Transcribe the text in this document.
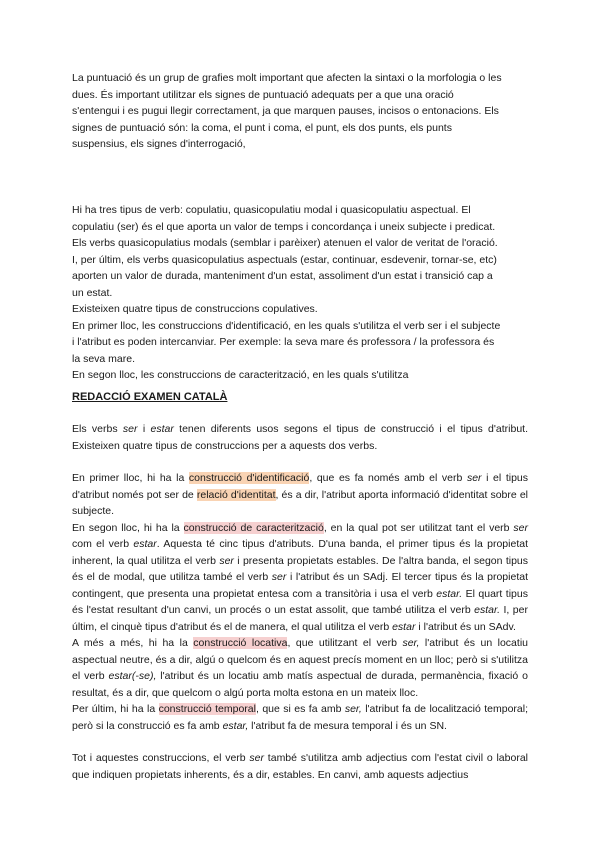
La puntuació és un grup de grafies molt important que afecten la sintaxi o la morfologia o les

dues. És important utilitzar els signes de puntuació adequats per a que una oració

s'entengui i es pugui llegir correctament, ja que marquen pauses, incisos o entonacions. Els

signes de puntuació són: la coma, el punt i coma, el punt, els dos punts, els punts

suspensius, els signes d'interrogació,

Hi ha tres tipus de verb: copulatiu, quasicopulatiu modal i quasicopulatiu aspectual. El

copulatiu (ser) és el que aporta un valor de temps i concordança i uneix subjecte i predicat.

Els verbs quasicopulatius modals (semblar i parèixer) atenuen el valor de veritat de l'oració.

I, per últim, els verbs quasicopulatius aspectuals (estar, continuar, esdevenir, tornar-se, etc)

aporten un valor de durada, manteniment d'un estat, assoliment d'un estat i transició cap a

un estat.

Existeixen quatre tipus de construccions copulatives.

En primer lloc, les construccions d'identificació, en les quals s'utilitza el verb ser i el subjecte

i l'atribut es poden intercanviar. Per exemple: la seva mare és professora / la professora és

la seva mare.

En segon lloc, les construccions de caracterització, en les quals s'utilitza

REDACCIÓ EXAMEN CATALÀ

Els verbs ser i estar tenen diferents usos segons el tipus de construcció i el tipus d'atribut. Existeixen quatre tipus de construccions per a aquests dos verbs.

En primer lloc, hi ha la construcció d'identificació, que es fa només amb el verb ser i el tipus d'atribut només pot ser de relació d'identitat, és a dir, l'atribut aporta informació d'identitat sobre el subjecte.

En segon lloc, hi ha la construcció de caracterització, en la qual pot ser utilitzat tant el verb ser com el verb estar. Aquesta té cinc tipus d'atributs. D'una banda, el primer tipus és la propietat inherent, la qual utilitza el verb ser i presenta propietats estables. De l'altra banda, el segon tipus és el de modal, que utilitza també el verb ser i l'atribut és un SAdj. El tercer tipus és la propietat contingent, que presenta una propietat entesa com a transitòria i usa el verb estar. El quart tipus és l'estat resultant d'un canvi, un procés o un estat assolit, que també utilitza el verb estar. I, per últim, el cinquè tipus d'atribut és el de manera, el qual utilitza el verb estar i l'atribut és un SAdv.

A més a més, hi ha la construcció locativa, que utilitzant el verb ser, l'atribut és un locatiu aspectual neutre, és a dir, algú o quelcom és en aquest precís moment en un lloc; però si s'utilitza el verb estar(-se), l'atribut és un locatiu amb matís aspectual de durada, permanència, fixació o resultat, és a dir, que quelcom o algú porta molta estona en un mateix lloc.

Per últim, hi ha la construcció temporal, que si es fa amb ser, l'atribut fa de localització temporal; però si la construcció es fa amb estar, l'atribut fa de mesura temporal i és un SN.

Tot i aquestes construccions, el verb ser també s'utilitza amb adjectius com l'estat civil o laboral que indiquen propietats inherents, és a dir, estables. En canvi, amb aquests adjectius
